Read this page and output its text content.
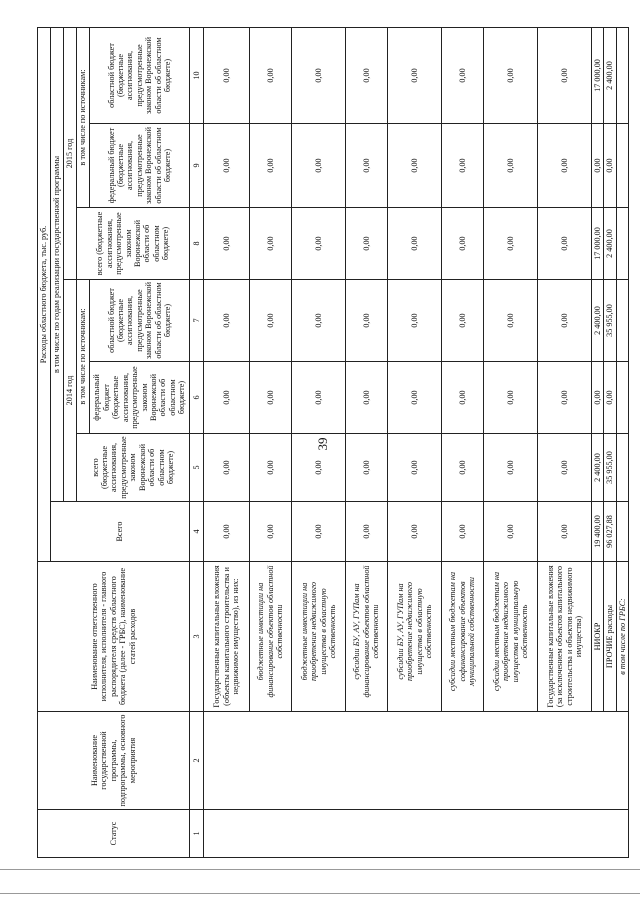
39
Статус	Наименование государственной программы, подпрограммы, основного мероприятия	Наименование ответственного исполнителя, исполнителя - главного распорядителя средств областного бюджета (далее - ГРБС), наименование статей расходов	Расходы областного бюджета, тыс. руб.						
			Всего	в том числе по годам реализации государственной программы					
				2014 год			2015 год		
				всего (бюджетные ассигнования, предусмотренные законом Воронежской области об областном бюджете)	в том числе по источникам:		всего (бюджетные ассигнования, предусмотренные законом Воронежской области об областном бюджете)	в том числе по источникам:	
					федеральный бюджет (бюджетные ассигнования, предусмотренные законом Воронежской области об областном бюджете)	областной бюджет (бюджетные ассигнования, предусмотренные законом Воронежской области об областном бюджете)		федеральный бюджет (бюджетные ассигнования, предусмотренные законом Воронежской области об областном бюджете)	областной бюджет (бюджетные ассигнования, предусмотренные законом Воронежской области об областном бюджете)
1	2	3	4	5	6	7	8	9	10
		Государственные капитальные вложения (объекты капитального строительства и недвижимое имущество), из них:	0,00	0,00	0,00	0,00	0,00	0,00	0,00
		бюджетные инвестиции на финансирование объектов областной собственности	0,00	0,00	0,00	0,00	0,00	0,00	0,00
		бюджетные инвестиции на приобретение недвижимого имущества в областную собственность	0,00	0,00	0,00	0,00	0,00	0,00	0,00
		субсидии БУ, АУ, ГУПам на финансирование объектов областной собственности	0,00	0,00	0,00	0,00	0,00	0,00	0,00
		субсидии БУ, АУ, ГУПам на приобретение недвижимого имущества в областную собственность	0,00	0,00	0,00	0,00	0,00	0,00	0,00
		субсидии местным бюджетам на софинансирование объектов муниципальной собственности	0,00	0,00	0,00	0,00	0,00	0,00	0,00
		субсидии местным бюджетам на приобретение недвижимого имущества в муниципальную собственность	0,00	0,00	0,00	0,00	0,00	0,00	0,00
		Государственные капитальные вложения (за исключением объектов капитального строительства и объектов недвижимого имущества)	0,00	0,00	0,00	0,00	0,00	0,00	0,00
		НИОКР	19 400,00	2 400,00	0,00	2 400,00	17 000,00	0,00	17 000,00
		ПРОЧИЕ расходы	96 027,88	35 955,00	0,00	35 955,00	2 400,00	0,00	2 400,00
		в том числе по ГРБС:							
